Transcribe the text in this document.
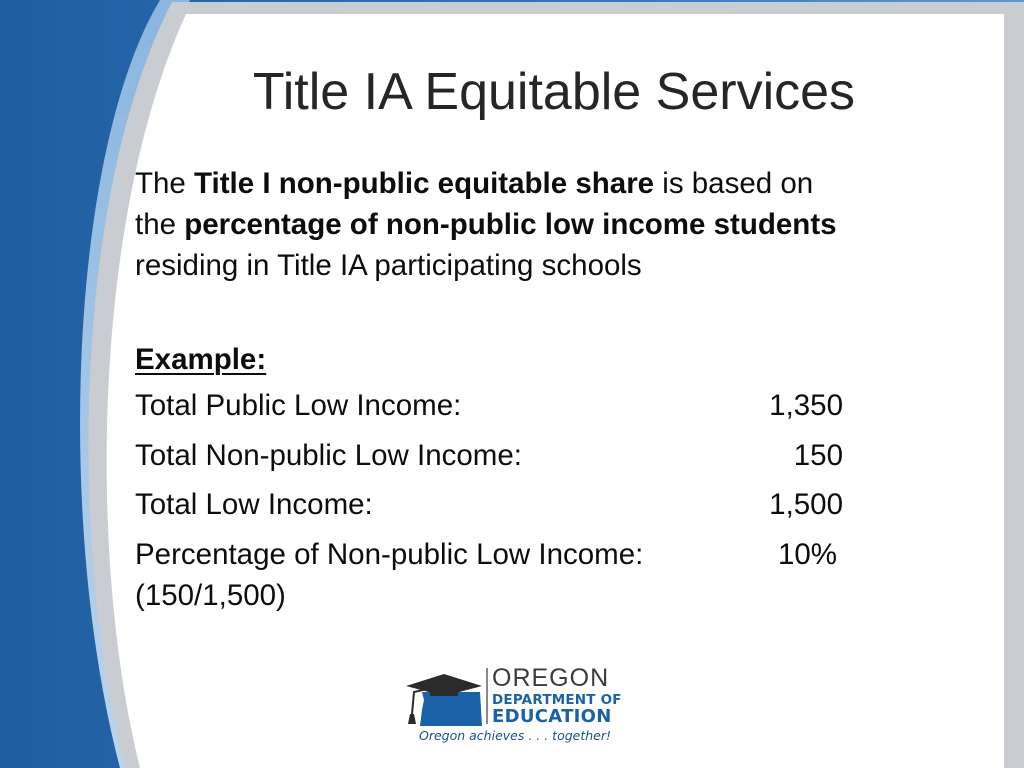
Title IA Equitable Services
The Title I non-public equitable share is based on
the percentage of non-public low income students
residing in Title IA participating schools
Example:
Total Public Low Income:	1,350
Total Non-public Low Income:	150
Total Low Income:	1,500
Percentage of Non-public Low Income:	10%
(150/1,500)
OREGON
DEPARTMENT OF
EDUCATION
Oregon achieves . . . together!
